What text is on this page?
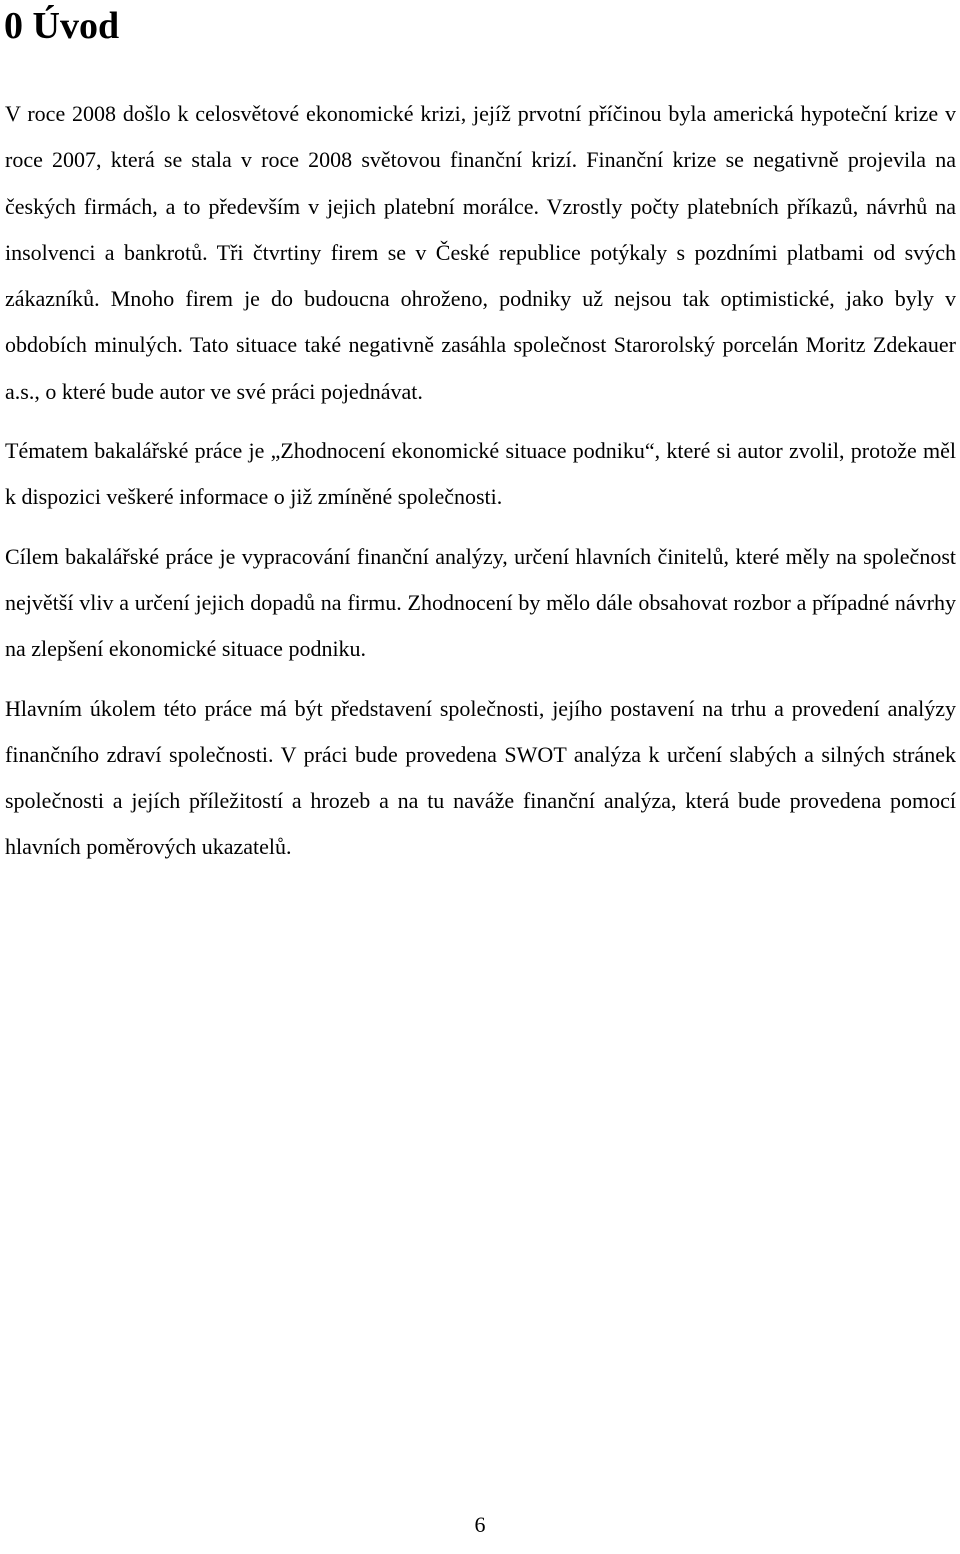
0 Úvod

V roce 2008 došlo k celosvětové ekonomické krizi, jejíž prvotní příčinou byla americká hypoteční krize v roce 2007, která se stala v roce 2008 světovou finanční krizí. Finanční krize se negativně projevila na českých firmách, a to především v jejich platební morálce. Vzrostly počty platebních příkazů, návrhů na insolvenci a bankrotů. Tři čtvrtiny firem se v České republice potýkaly s pozdními platbami od svých zákazníků. Mnoho firem je do budoucna ohroženo, podniky už nejsou tak optimistické, jako byly v obdobích minulých. Tato situace také negativně zasáhla společnost Starorolský porcelán Moritz Zdekauer a.s., o které bude autor ve své práci pojednávat.

Tématem bakalářské práce je „Zhodnocení ekonomické situace podniku“, které si autor zvolil, protože měl k dispozici veškeré informace o již zmíněné společnosti.

Cílem bakalářské práce je vypracování finanční analýzy, určení hlavních činitelů, které měly na společnost největší vliv a určení jejich dopadů na firmu. Zhodnocení by mělo dále obsahovat rozbor a případné návrhy na zlepšení ekonomické situace podniku.

Hlavním úkolem této práce má být představení společnosti, jejího postavení na trhu a provedení analýzy finančního zdraví společnosti. V práci bude provedena SWOT analýza k určení slabých a silných stránek společnosti a jejích příležitostí a hrozeb a na tu naváže finanční analýza, která bude provedena pomocí hlavních poměrových ukazatelů.

6
